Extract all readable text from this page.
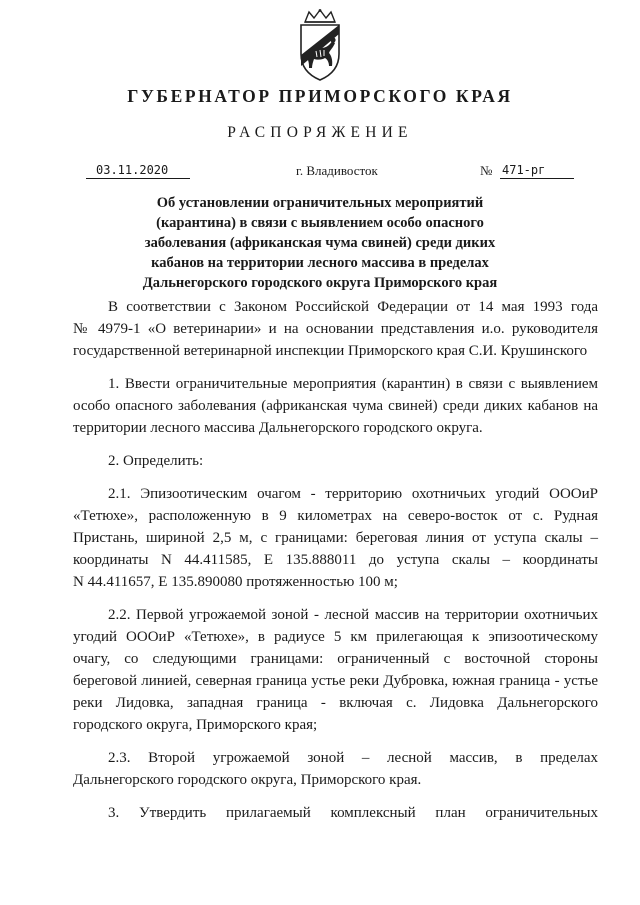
ГУБЕРНАТОР ПРИМОРСКОГО КРАЯ
РАСПОРЯЖЕНИЕ
03.11.2020	г. Владивосток	№ 471-рг
Об установлении ограничительных мероприятий
(карантина) в связи с выявлением особо опасного
заболевания (африканская чума свиней) среди диких
кабанов на территории лесного массива в пределах
Дальнегорского городского округа Приморского края
В соответствии с Законом Российской Федерации от 14 мая 1993 года
№ 4979-1 «О ветеринарии» и на основании представления и.о. руководителя
государственной ветеринарной инспекции Приморского края С.И. Крушинского
1. Ввести ограничительные мероприятия (карантин) в связи с выявлением
особо опасного заболевания (африканская чума свиней) среди диких кабанов на
территории лесного массива Дальнегорского городского округа.
2. Определить:
2.1. Эпизоотическим очагом - территорию охотничьих угодий ОООиР
«Тетюхе», расположенную в 9 километрах на северо-восток от с. Рудная
Пристань, шириной 2,5 м, с границами: береговая линия от уступа скалы –
координаты N 44.411585, E 135.888011 до уступа скалы – координаты
N 44.411657, E 135.890080 протяженностью 100 м;
2.2. Первой угрожаемой зоной - лесной массив на территории охотничьих
угодий ОООиР «Тетюхе», в радиусе 5 км прилегающая к эпизоотическому
очагу, со следующими границами: ограниченный с восточной стороны
береговой линией, северная граница устье реки Дубровка, южная граница - устье
реки Лидовка, западная граница - включая с. Лидовка Дальнегорского
городского округа, Приморского края;
2.3. Второй угрожаемой зоной – лесной массив, в пределах
Дальнегорского городского округа, Приморского края.
3. Утвердить прилагаемый комплексный план ограничительных
